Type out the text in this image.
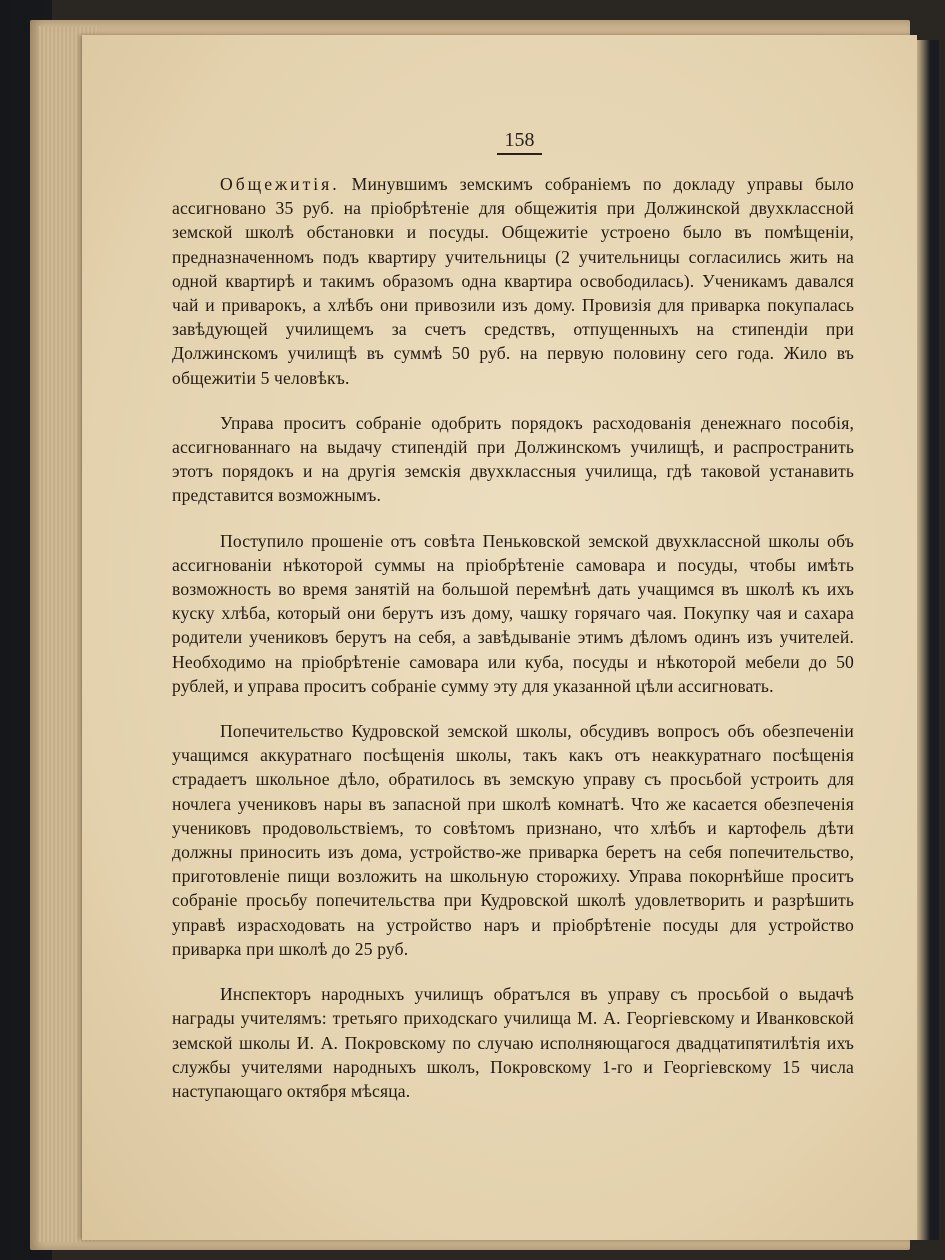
158

Общежитія. Минувшимъ земскимъ собраніемъ по докладу управы было ассигновано 35 руб. на пріобрѣтеніе для общежитія при Должинской двухклассной земской школѣ обстановки и посуды. Общежитіе устроено было въ помѣщеніи, предназначенномъ подъ квартиру учительницы (2 учительницы согласились жить на одной квартирѣ и такимъ образомъ одна квартира освободилась). Ученикамъ давался чай и приварокъ, а хлѣбъ они привозили изъ дому. Провизія для приварка покупалась завѣдующей училищемъ за счетъ средствъ, отпущенныхъ на стипендіи при Должинскомъ училищѣ въ суммѣ 50 руб. на первую половину сего года. Жило въ общежитіи 5 человѣкъ.

Управа проситъ собраніе одобрить порядокъ расходованія денежнаго пособія, ассигнованнаго на выдачу стипендій при Должинскомъ училищѣ, и распространить этотъ порядокъ и на другія земскія двухклассныя училища, гдѣ таковой устанавить представится возможнымъ.

Поступило прошеніе отъ совѣта Пеньковской земской двухклассной школы объ ассигнованіи нѣкоторой суммы на пріобрѣтеніе самовара и посуды, чтобы имѣть возможность во время занятій на большой перемѣнѣ дать учащимся въ школѣ къ ихъ куску хлѣба, который они берутъ изъ дому, чашку горячаго чая. Покупку чая и сахара родители учениковъ берутъ на себя, а завѣдываніе этимъ дѣломъ одинъ изъ учителей. Необходимо на пріобрѣтеніе самовара или куба, посуды и нѣкоторой мебели до 50 рублей, и управа проситъ собраніе сумму эту для указанной цѣли ассигновать.

Попечительство Кудровской земской школы, обсудивъ вопросъ объ обезпеченіи учащимся аккуратнаго посѣщенія школы, такъ какъ отъ неаккуратнаго посѣщенія страдаетъ школьное дѣло, обратилось въ земскую управу съ просьбой устроить для ночлега учениковъ нары въ запасной при школѣ комнатѣ. Что же касается обезпеченія учениковъ продовольствіемъ, то совѣтомъ признано, что хлѣбъ и картофель дѣти должны приносить изъ дома, устройство-же приварка беретъ на себя попечительство, приготовленіе пищи возложить на школьную сторожиху. Управа покорнѣйше проситъ собраніе просьбу попечительства при Кудровской школѣ удовлетворить и разрѣшить управѣ израсходовать на устройство наръ и пріобрѣтеніе посуды для устройство приварка при школѣ до 25 руб.

Инспекторъ народныхъ училищъ обратълся въ управу съ просьбой о выдачѣ награды учителямъ: третьяго приходскаго училища М. А. Георгіевскому и Иванковской земской школы И. А. Покровскому по случаю исполняющагося двадцатипятилѣтія ихъ службы учителями народныхъ школъ, Покровскому 1-го и Георгіевскому 15 числа наступающаго октября мѣсяца.
